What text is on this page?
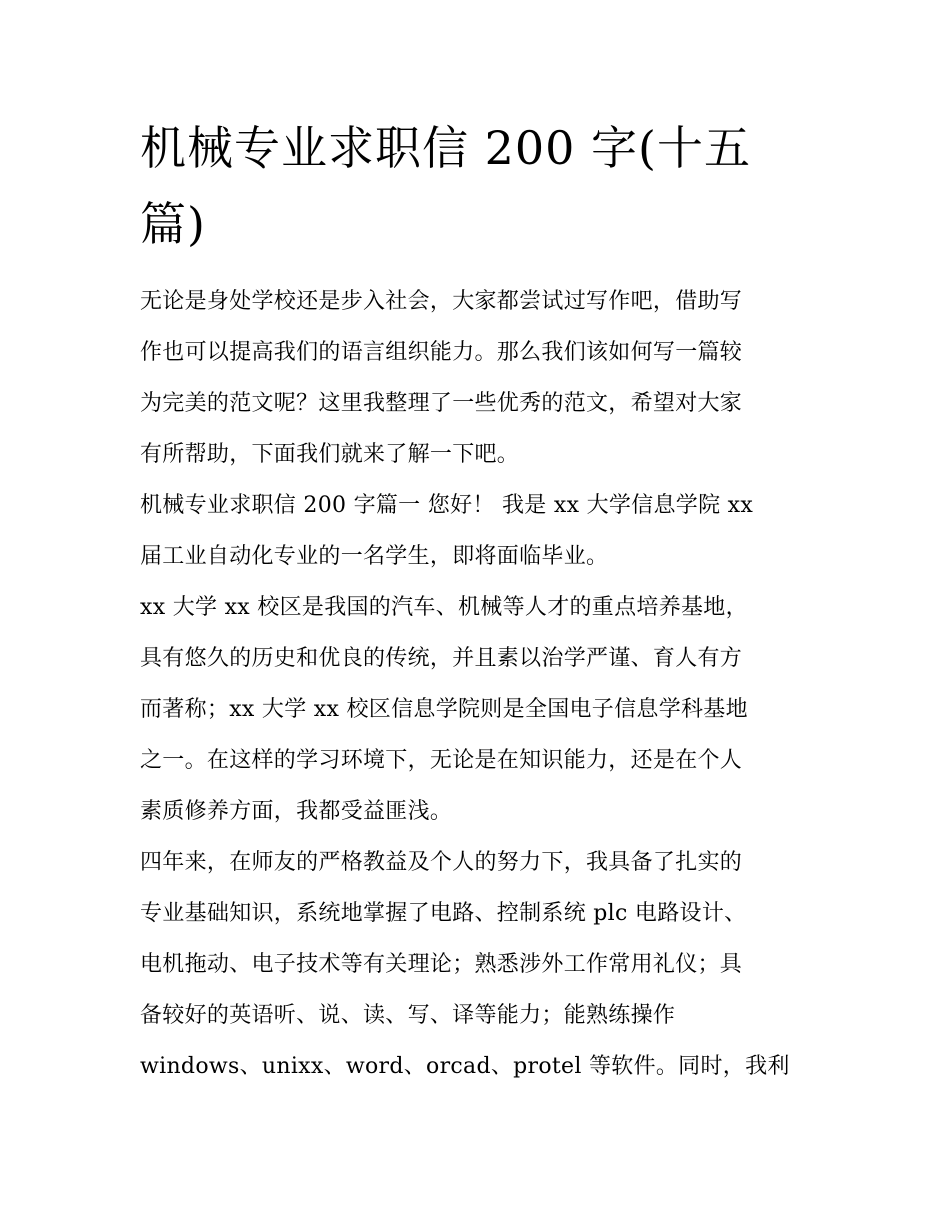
机械专业求职信 200 字(十五
篇)
无论是身处学校还是步入社会，大家都尝试过写作吧，借助写
作也可以提高我们的语言组织能力。那么我们该如何写一篇较
为完美的范文呢？这里我整理了一些优秀的范文，希望对大家
有所帮助，下面我们就来了解一下吧。
机械专业求职信 200 字篇一 您好！ 我是 xx 大学信息学院 xx
届工业自动化专业的一名学生，即将面临毕业。
xx 大学 xx 校区是我国的汽车、机械等人才的重点培养基地，
具有悠久的历史和优良的传统，并且素以治学严谨、育人有方
而著称；xx 大学 xx 校区信息学院则是全国电子信息学科基地
之一。在这样的学习环境下，无论是在知识能力，还是在个人
素质修养方面，我都受益匪浅。
四年来，在师友的严格教益及个人的努力下，我具备了扎实的
专业基础知识，系统地掌握了电路、控制系统 plc 电路设计、
电机拖动、电子技术等有关理论；熟悉涉外工作常用礼仪；具
备较好的英语听、说、读、写、译等能力；能熟练操作
windows、unixx、word、orcad、protel 等软件。同时，我利
